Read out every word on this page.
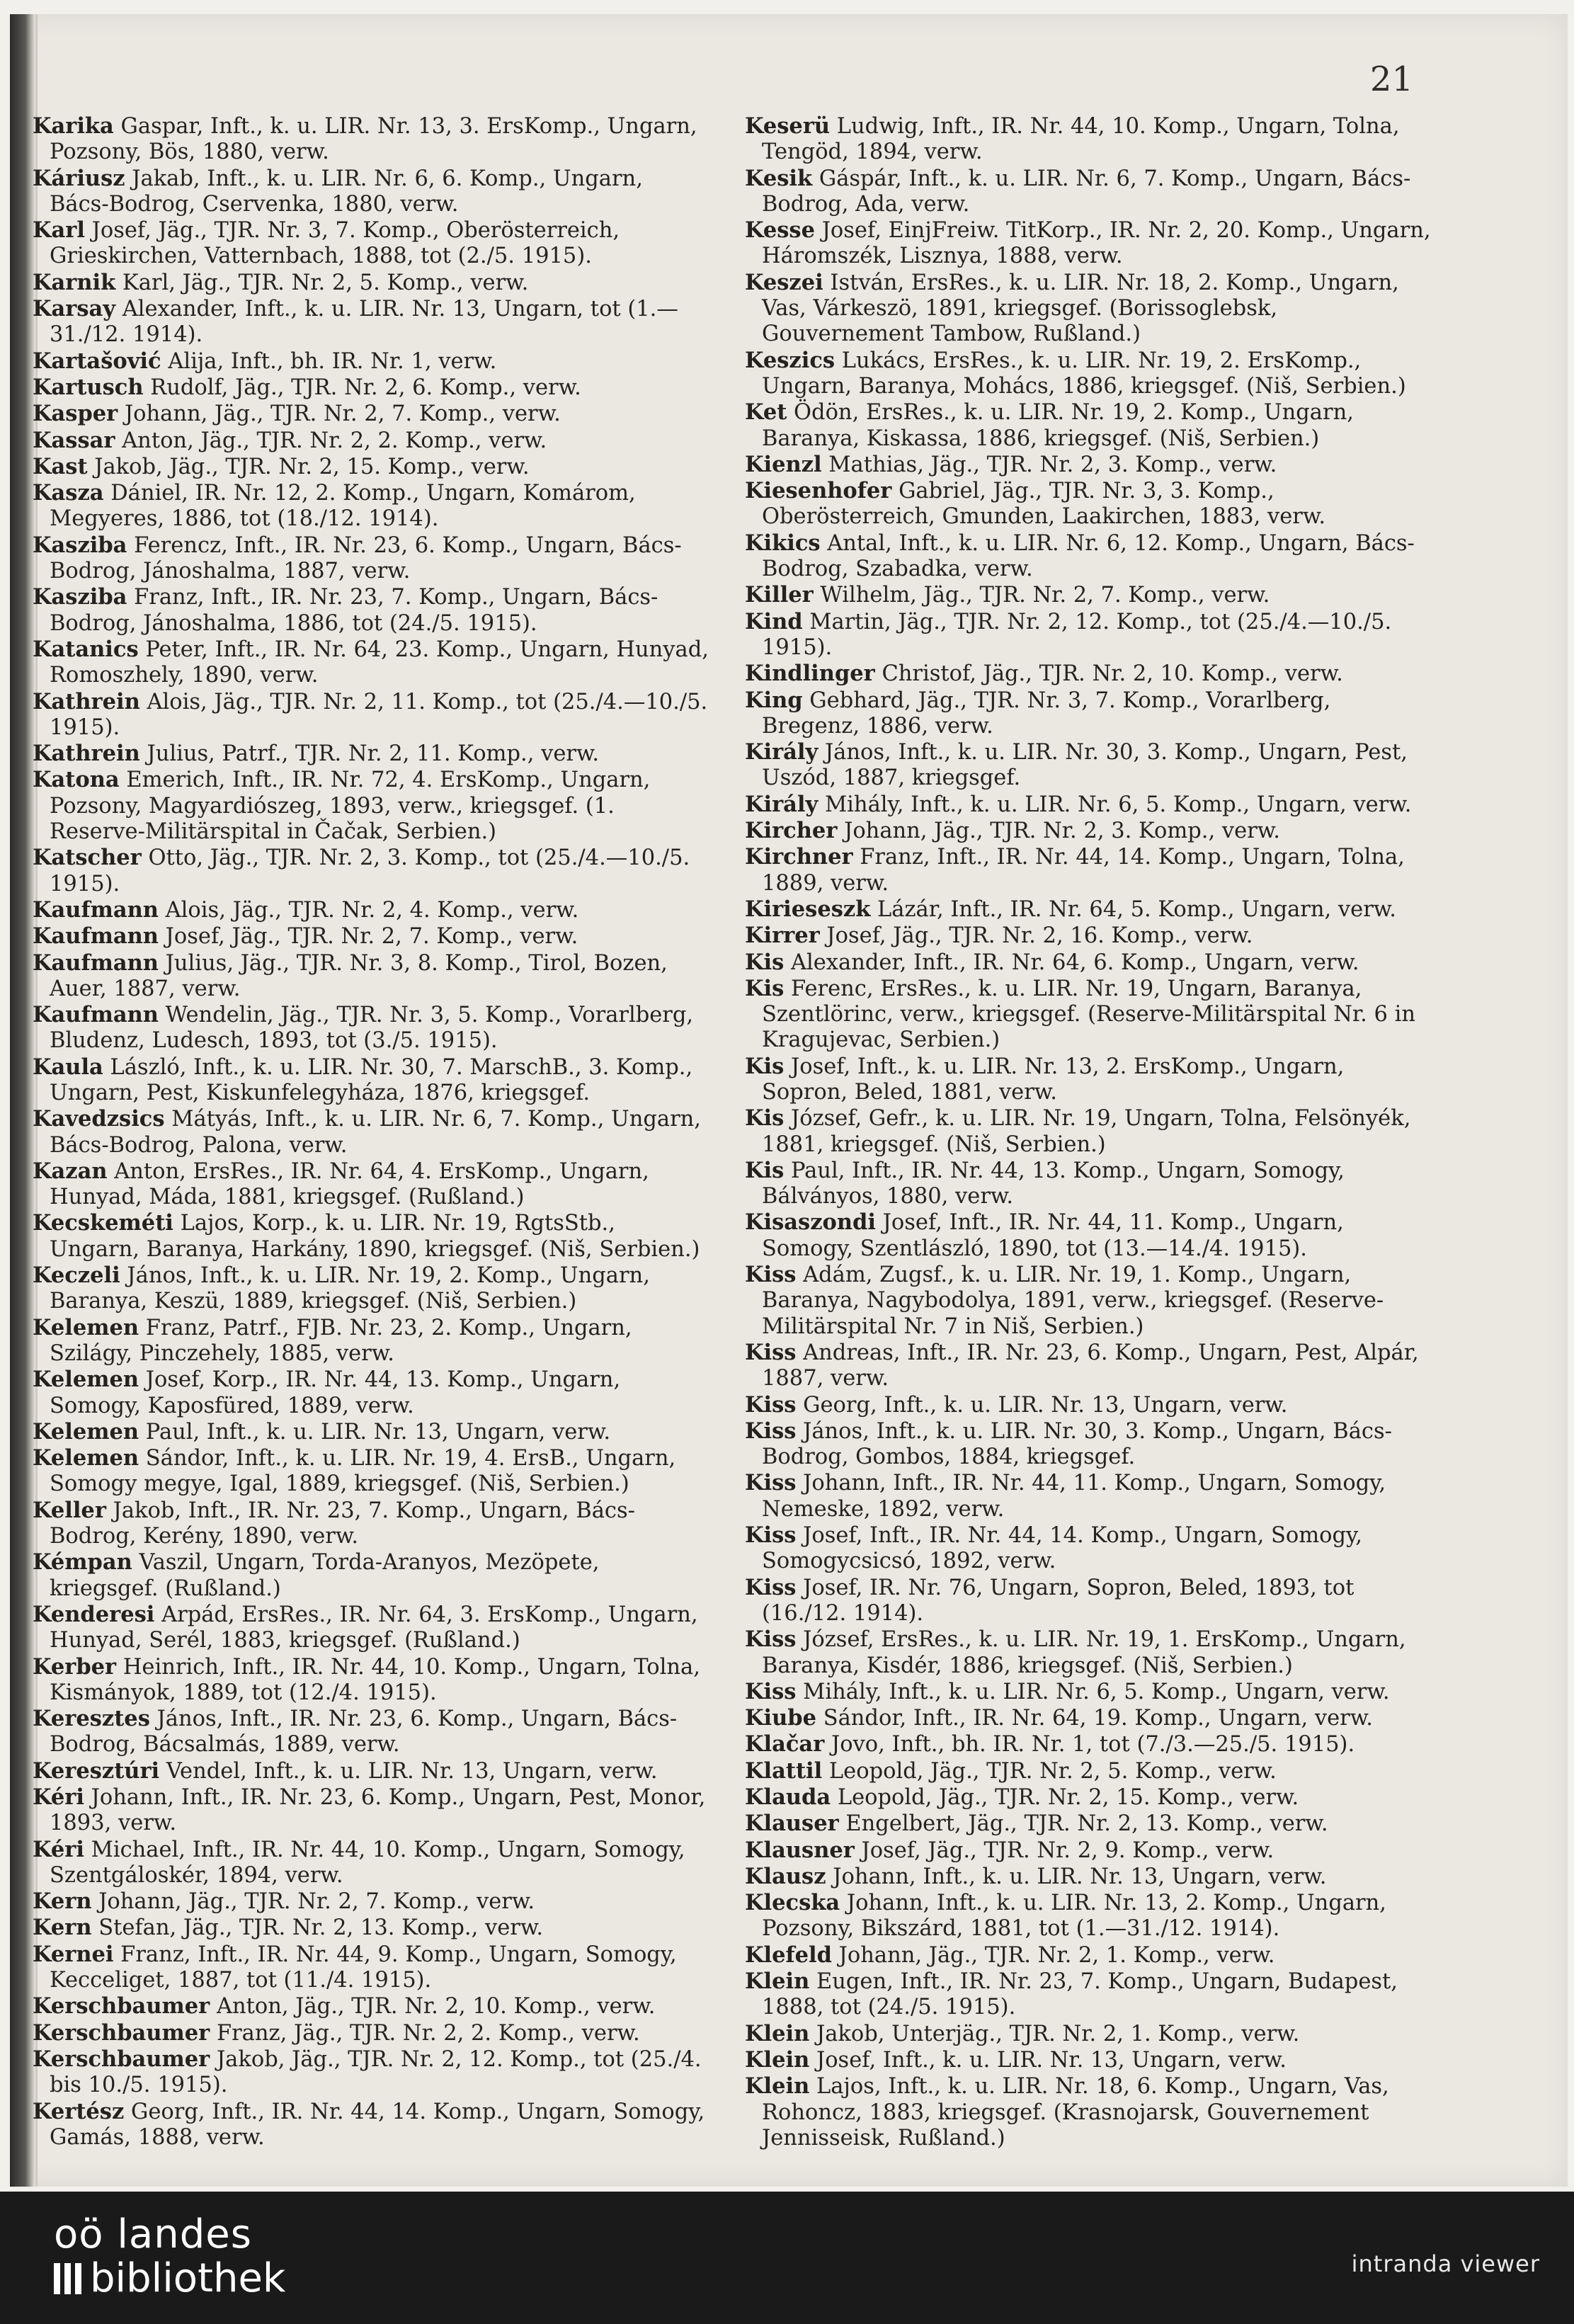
21

Karika Gaspar, Inft., k. u. LIR. Nr. 13, 3. ErsKomp., Ungarn, Pozsony, Bös, 1880, verw.

Káriusz Jakab, Inft., k. u. LIR. Nr. 6, 6. Komp., Ungarn, Bács-Bodrog, Cservenka, 1880, verw.

Karl Josef, Jäg., TJR. Nr. 3, 7. Komp., Oberösterreich, Grieskirchen, Vatternbach, 1888, tot (2./5. 1915).

Karnik Karl, Jäg., TJR. Nr. 2, 5. Komp., verw.

Karsay Alexander, Inft., k. u. LIR. Nr. 13, Ungarn, tot (1.—31./12. 1914).

Kartašović Alija, Inft., bh. IR. Nr. 1, verw.

Kartusch Rudolf, Jäg., TJR. Nr. 2, 6. Komp., verw.

Kasper Johann, Jäg., TJR. Nr. 2, 7. Komp., verw.

Kassar Anton, Jäg., TJR. Nr. 2, 2. Komp., verw.

Kast Jakob, Jäg., TJR. Nr. 2, 15. Komp., verw.

Kasza Dániel, IR. Nr. 12, 2. Komp., Ungarn, Komárom, Megyeres, 1886, tot (18./12. 1914).

Kasziba Ferencz, Inft., IR. Nr. 23, 6. Komp., Ungarn, Bács-Bodrog, Jánoshalma, 1887, verw.

Kasziba Franz, Inft., IR. Nr. 23, 7. Komp., Ungarn, Bács-Bodrog, Jánoshalma, 1886, tot (24./5. 1915).

Katanics Peter, Inft., IR. Nr. 64, 23. Komp., Ungarn, Hunyad, Romoszhely, 1890, verw.

Kathrein Alois, Jäg., TJR. Nr. 2, 11. Komp., tot (25./4.—10./5. 1915).

Kathrein Julius, Patrf., TJR. Nr. 2, 11. Komp., verw.

Katona Emerich, Inft., IR. Nr. 72, 4. ErsKomp., Ungarn, Pozsony, Magyardiószeg, 1893, verw., kriegsgef. (1. Reserve-Militärspital in Čačak, Serbien.)

Katscher Otto, Jäg., TJR. Nr. 2, 3. Komp., tot (25./4.—10./5. 1915).

Kaufmann Alois, Jäg., TJR. Nr. 2, 4. Komp., verw.

Kaufmann Josef, Jäg., TJR. Nr. 2, 7. Komp., verw.

Kaufmann Julius, Jäg., TJR. Nr. 3, 8. Komp., Tirol, Bozen, Auer, 1887, verw.

Kaufmann Wendelin, Jäg., TJR. Nr. 3, 5. Komp., Vorarlberg, Bludenz, Ludesch, 1893, tot (3./5. 1915).

Kaula László, Inft., k. u. LIR. Nr. 30, 7. MarschB., 3. Komp., Ungarn, Pest, Kiskunfelegyháza, 1876, kriegsgef.

Kavedzsics Mátyás, Inft., k. u. LIR. Nr. 6, 7. Komp., Ungarn, Bács-Bodrog, Palona, verw.

Kazan Anton, ErsRes., IR. Nr. 64, 4. ErsKomp., Ungarn, Hunyad, Máda, 1881, kriegsgef. (Rußland.)

Kecskeméti Lajos, Korp., k. u. LIR. Nr. 19, RgtsStb., Ungarn, Baranya, Harkány, 1890, kriegsgef. (Niš, Serbien.)

Keczeli János, Inft., k. u. LIR. Nr. 19, 2. Komp., Ungarn, Baranya, Keszü, 1889, kriegsgef. (Niš, Serbien.)

Kelemen Franz, Patrf., FJB. Nr. 23, 2. Komp., Ungarn, Szilágy, Pinczehely, 1885, verw.

Kelemen Josef, Korp., IR. Nr. 44, 13. Komp., Ungarn, Somogy, Kaposfüred, 1889, verw.

Kelemen Paul, Inft., k. u. LIR. Nr. 13, Ungarn, verw.

Kelemen Sándor, Inft., k. u. LIR. Nr. 19, 4. ErsB., Ungarn, Somogy megye, Igal, 1889, kriegsgef. (Niš, Serbien.)

Keller Jakob, Inft., IR. Nr. 23, 7. Komp., Ungarn, Bács-Bodrog, Kerény, 1890, verw.

Kémpan Vaszil, Ungarn, Torda-Aranyos, Mezöpete, kriegsgef. (Rußland.)

Kenderesi Arpád, ErsRes., IR. Nr. 64, 3. ErsKomp., Ungarn, Hunyad, Serél, 1883, kriegsgef. (Rußland.)

Kerber Heinrich, Inft., IR. Nr. 44, 10. Komp., Ungarn, Tolna, Kismányok, 1889, tot (12./4. 1915).

Keresztes János, Inft., IR. Nr. 23, 6. Komp., Ungarn, Bács-Bodrog, Bácsalmás, 1889, verw.

Keresztúri Vendel, Inft., k. u. LIR. Nr. 13, Ungarn, verw.

Kéri Johann, Inft., IR. Nr. 23, 6. Komp., Ungarn, Pest, Monor, 1893, verw.

Kéri Michael, Inft., IR. Nr. 44, 10. Komp., Ungarn, Somogy, Szentgáloskér, 1894, verw.

Kern Johann, Jäg., TJR. Nr. 2, 7. Komp., verw.

Kern Stefan, Jäg., TJR. Nr. 2, 13. Komp., verw.

Kernei Franz, Inft., IR. Nr. 44, 9. Komp., Ungarn, Somogy, Kecceliget, 1887, tot (11./4. 1915).

Kerschbaumer Anton, Jäg., TJR. Nr. 2, 10. Komp., verw.

Kerschbaumer Franz, Jäg., TJR. Nr. 2, 2. Komp., verw.

Kerschbaumer Jakob, Jäg., TJR. Nr. 2, 12. Komp., tot (25./4. bis 10./5. 1915).

Kertész Georg, Inft., IR. Nr. 44, 14. Komp., Ungarn, Somogy, Gamás, 1888, verw.

Keserü Ludwig, Inft., IR. Nr. 44, 10. Komp., Ungarn, Tolna, Tengöd, 1894, verw.

Kesik Gáspár, Inft., k. u. LIR. Nr. 6, 7. Komp., Ungarn, Bács-Bodrog, Ada, verw.

Kesse Josef, EinjFreiw. TitKorp., IR. Nr. 2, 20. Komp., Ungarn, Háromszék, Lisznya, 1888, verw.

Keszei István, ErsRes., k. u. LIR. Nr. 18, 2. Komp., Ungarn, Vas, Várkeszö, 1891, kriegsgef. (Borissoglebsk, Gouvernement Tambow, Rußland.)

Keszics Lukács, ErsRes., k. u. LIR. Nr. 19, 2. ErsKomp., Ungarn, Baranya, Mohács, 1886, kriegsgef. (Niš, Serbien.)

Ket Ödön, ErsRes., k. u. LIR. Nr. 19, 2. Komp., Ungarn, Baranya, Kiskassa, 1886, kriegsgef. (Niš, Serbien.)

Kienzl Mathias, Jäg., TJR. Nr. 2, 3. Komp., verw.

Kiesenhofer Gabriel, Jäg., TJR. Nr. 3, 3. Komp., Oberösterreich, Gmunden, Laakirchen, 1883, verw.

Kikics Antal, Inft., k. u. LIR. Nr. 6, 12. Komp., Ungarn, Bács-Bodrog, Szabadka, verw.

Killer Wilhelm, Jäg., TJR. Nr. 2, 7. Komp., verw.

Kind Martin, Jäg., TJR. Nr. 2, 12. Komp., tot (25./4.—10./5. 1915).

Kindlinger Christof, Jäg., TJR. Nr. 2, 10. Komp., verw.

King Gebhard, Jäg., TJR. Nr. 3, 7. Komp., Vorarlberg, Bregenz, 1886, verw.

Király János, Inft., k. u. LIR. Nr. 30, 3. Komp., Ungarn, Pest, Uszód, 1887, kriegsgef.

Király Mihály, Inft., k. u. LIR. Nr. 6, 5. Komp., Ungarn, verw.

Kircher Johann, Jäg., TJR. Nr. 2, 3. Komp., verw.

Kirchner Franz, Inft., IR. Nr. 44, 14. Komp., Ungarn, Tolna, 1889, verw.

Kirieseszk Lázár, Inft., IR. Nr. 64, 5. Komp., Ungarn, verw.

Kirrer Josef, Jäg., TJR. Nr. 2, 16. Komp., verw.

Kis Alexander, Inft., IR. Nr. 64, 6. Komp., Ungarn, verw.

Kis Ferenc, ErsRes., k. u. LIR. Nr. 19, Ungarn, Baranya, Szentlörinc, verw., kriegsgef. (Reserve-Militärspital Nr. 6 in Kragujevac, Serbien.)

Kis Josef, Inft., k. u. LIR. Nr. 13, 2. ErsKomp., Ungarn, Sopron, Beled, 1881, verw.

Kis József, Gefr., k. u. LIR. Nr. 19, Ungarn, Tolna, Felsönyék, 1881, kriegsgef. (Niš, Serbien.)

Kis Paul, Inft., IR. Nr. 44, 13. Komp., Ungarn, Somogy, Bálványos, 1880, verw.

Kisaszondi Josef, Inft., IR. Nr. 44, 11. Komp., Ungarn, Somogy, Szentlászló, 1890, tot (13.—14./4. 1915).

Kiss Adám, Zugsf., k. u. LIR. Nr. 19, 1. Komp., Ungarn, Baranya, Nagybodolya, 1891, verw., kriegsgef. (Reserve-Militärspital Nr. 7 in Niš, Serbien.)

Kiss Andreas, Inft., IR. Nr. 23, 6. Komp., Ungarn, Pest, Alpár, 1887, verw.

Kiss Georg, Inft., k. u. LIR. Nr. 13, Ungarn, verw.

Kiss János, Inft., k. u. LIR. Nr. 30, 3. Komp., Ungarn, Bács-Bodrog, Gombos, 1884, kriegsgef.

Kiss Johann, Inft., IR. Nr. 44, 11. Komp., Ungarn, Somogy, Nemeske, 1892, verw.

Kiss Josef, Inft., IR. Nr. 44, 14. Komp., Ungarn, Somogy, Somogycsicsó, 1892, verw.

Kiss Josef, IR. Nr. 76, Ungarn, Sopron, Beled, 1893, tot (16./12. 1914).

Kiss József, ErsRes., k. u. LIR. Nr. 19, 1. ErsKomp., Ungarn, Baranya, Kisdér, 1886, kriegsgef. (Niš, Serbien.)

Kiss Mihály, Inft., k. u. LIR. Nr. 6, 5. Komp., Ungarn, verw.

Kiube Sándor, Inft., IR. Nr. 64, 19. Komp., Ungarn, verw.

Klačar Jovo, Inft., bh. IR. Nr. 1, tot (7./3.—25./5. 1915).

Klattil Leopold, Jäg., TJR. Nr. 2, 5. Komp., verw.

Klauda Leopold, Jäg., TJR. Nr. 2, 15. Komp., verw.

Klauser Engelbert, Jäg., TJR. Nr. 2, 13. Komp., verw.

Klausner Josef, Jäg., TJR. Nr. 2, 9. Komp., verw.

Klausz Johann, Inft., k. u. LIR. Nr. 13, Ungarn, verw.

Klecska Johann, Inft., k. u. LIR. Nr. 13, 2. Komp., Ungarn, Pozsony, Bikszárd, 1881, tot (1.—31./12. 1914).

Klefeld Johann, Jäg., TJR. Nr. 2, 1. Komp., verw.

Klein Eugen, Inft., IR. Nr. 23, 7. Komp., Ungarn, Budapest, 1888, tot (24./5. 1915).

Klein Jakob, Unterjäg., TJR. Nr. 2, 1. Komp., verw.

Klein Josef, Inft., k. u. LIR. Nr. 13, Ungarn, verw.

Klein Lajos, Inft., k. u. LIR. Nr. 18, 6. Komp., Ungarn, Vas, Rohoncz, 1883, kriegsgef. (Krasnojarsk, Gouvernement Jennisseisk, Rußland.)

oö landes
bibliothek	intranda viewer
